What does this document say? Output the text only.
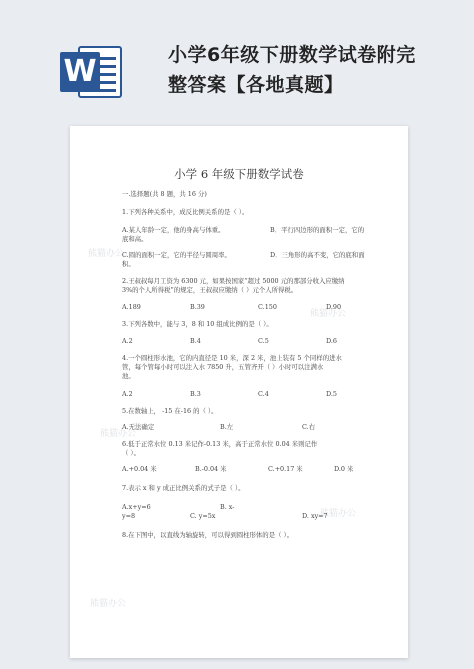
W	小学6年级下册数学试卷附完
整答案【各地真题】
熊猫办公
熊猫办公
熊猫办公
熊猫办公
熊猫办公
小学 6 年级下册数学试卷
一.选择题(共 8 题，共 16 分)
1.下列各种关系中，成反比例关系的是（ ）。
A.某人年龄一定，他的身高与体重。	B．平行四边形的面积一定，它的
底和高。
C.圆的面积一定，它的半径与圆周率。	D．三角形的高不变，它的底和面
积。
2.王叔叔每月工资为 6300 元，如果按国家“超过 5000 元的那部分收入应缴纳
3%的个人所得税”的规定，王叔叔应缴纳（ ）元个人所得税。
A.189	B.39	C.150	D.90
3.下列各数中，能与 3，8 和 10 组成比例的是（ ）。
A.2	B.4	C.5	D.6
4.一个圆柱形水池，它的内直径是 10 米，深 2 米，池上装有 5 个同样的进水
管，每个管每小时可以注入水 7850 升，五管齐开（ ）小时可以注满水
池。
A.2	B.3	C.4	D.5
5.在数轴上， -15 在-16 的（ ）。
A.无法确定	B.左	C.右
6.低于正常水位 0.13 米记作-0.13 米，高于正常水位 0.04 米则记作
（ ）。
A.+0.04 米	B.-0.04 米	C.+0.17 米	D.0 米
7.表示 x 和 y 成正比例关系的式子是（ ）。
A.x+y=6	B. x-
y=8	C. y=5x	D. xy=7
8.在下图中，以直线为轴旋转，可以得到圆柱形体的是（ ）。
